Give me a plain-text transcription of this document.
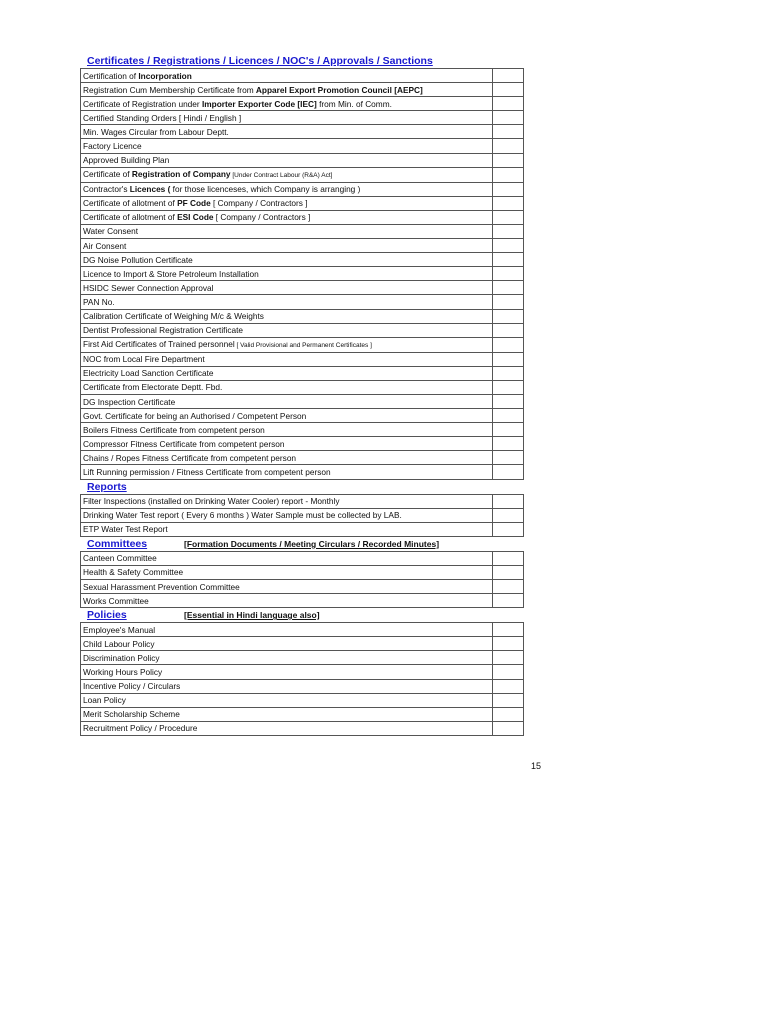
Certificates / Registrations / Licences / NOC's / Approvals / Sanctions
Certification of Incorporation	
Registration Cum Membership Certificate from Apparel Export Promotion Council [AEPC]	
Certificate of Registration under Importer Exporter Code [IEC] from Min. of Comm.	
Certified Standing Orders [ Hindi / English ]	
Min. Wages Circular from Labour Deptt.	
Factory Licence	
Approved Building Plan	
Certificate of Registration of Company [Under Contract Labour (R&A) Act]	
Contractor's Licences ( for those licenceses, which Company is arranging )	
Certificate of allotment of PF Code [ Company / Contractors ]	
Certificate of allotment of ESI Code [ Company / Contractors ]	
Water Consent	
Air Consent	
DG Noise Pollution Certificate	
Licence to Import & Store Petroleum Installation	
HSIDC Sewer Connection Approval	
PAN No.	
Calibration Certificate of Weighing M/c & Weights	
Dentist Professional Registration Certificate	
First Aid Certificates of Trained personnel [ Valid Provisional and Permanent Certificates ]	
NOC from Local Fire Department	
Electricity Load Sanction Certificate	
Certificate from Electorate Deptt. Fbd.	
DG Inspection Certificate	
Govt. Certificate for being an Authorised / Competent Person	
Boilers Fitness Certificate from competent person	
Compressor Fitness Certificate from competent person	
Chains / Ropes Fitness Certificate from competent person	
Lift Running permission / Fitness Certificate from competent person	
Reports
Filter Inspections (installed on Drinking Water Cooler) report - Monthly	
Drinking Water Test report ( Every 6 months ) Water Sample must be collected by LAB.	
ETP Water Test Report	
Committees	[Formation Documents / Meeting Circulars / Recorded Minutes]
Canteen Committee	
Health & Safety Committee	
Sexual Harassment Prevention Committee	
Works Committee	
Policies	[Essential in Hindi language also]
Employee's Manual	
Child Labour Policy	
Discrimination Policy	
Working Hours Policy	
Incentive Policy / Circulars	
Loan Policy	
Merit Scholarship Scheme	
Recruitment Policy / Procedure	
15
